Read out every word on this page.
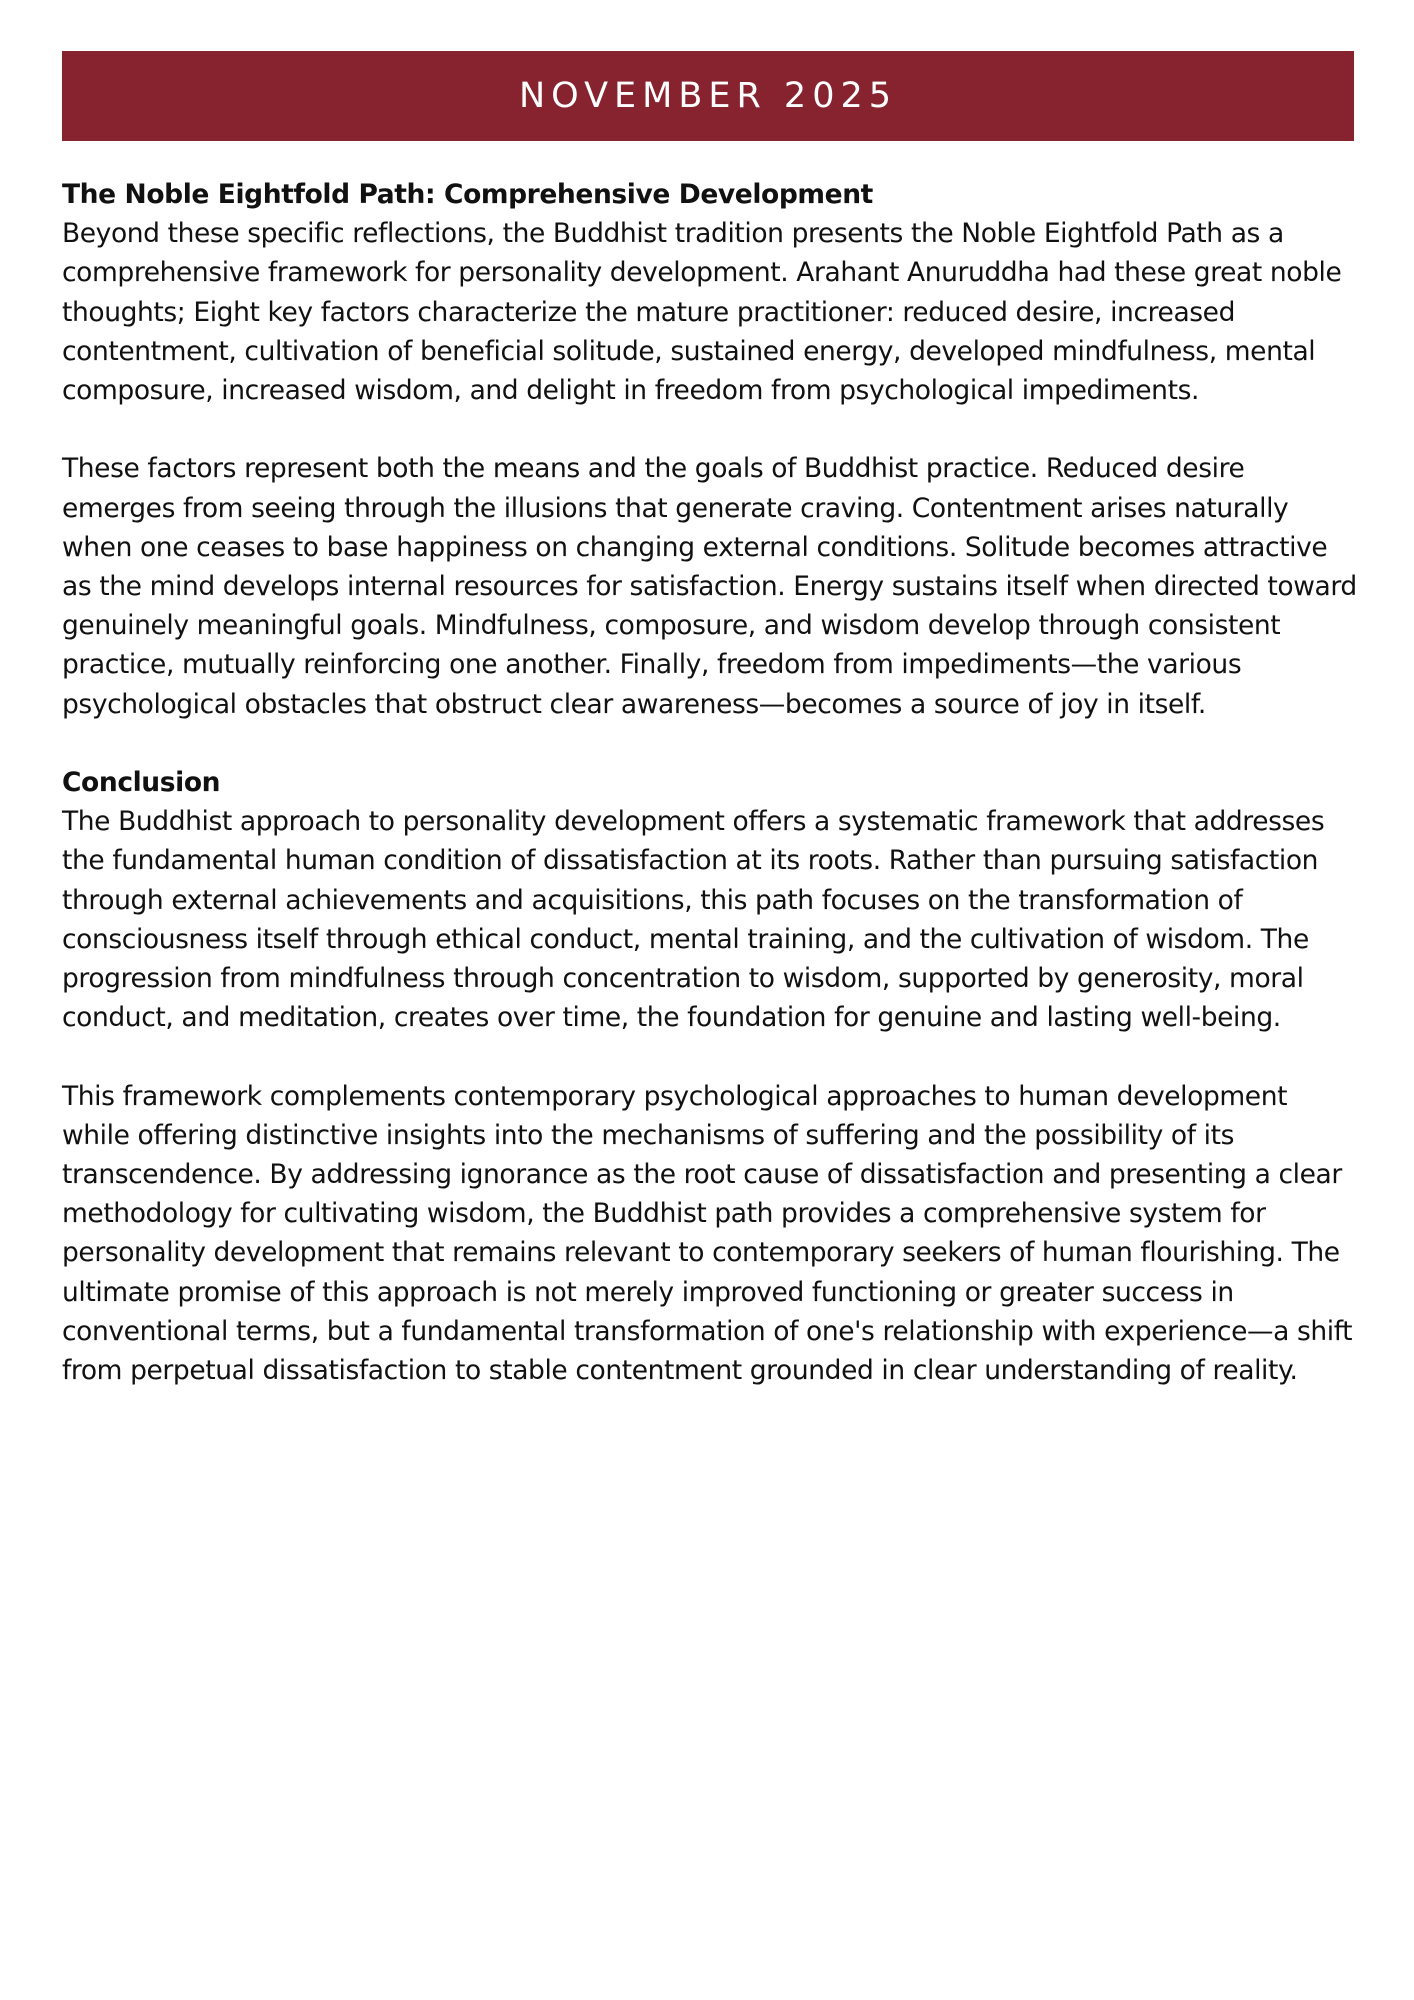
NOVEMBER 2025

The Noble Eightfold Path: Comprehensive Development

Beyond these specific reflections, the Buddhist tradition presents the Noble Eightfold Path as a comprehensive framework for personality development. Arahant Anuruddha had these great noble thoughts; Eight key factors characterize the mature practitioner: reduced desire, increased contentment, cultivation of beneficial solitude, sustained energy, developed mindfulness, mental composure, increased wisdom, and delight in freedom from psychological impediments.

These factors represent both the means and the goals of Buddhist practice. Reduced desire emerges from seeing through the illusions that generate craving. Contentment arises naturally when one ceases to base happiness on changing external conditions. Solitude becomes attractive as the mind develops internal resources for satisfaction. Energy sustains itself when directed toward genuinely meaningful goals. Mindfulness, composure, and wisdom develop through consistent practice, mutually reinforcing one another. Finally, freedom from impediments—the various psychological obstacles that obstruct clear awareness—becomes a source of joy in itself.

Conclusion

The Buddhist approach to personality development offers a systematic framework that addresses the fundamental human condition of dissatisfaction at its roots. Rather than pursuing satisfaction through external achievements and acquisitions, this path focuses on the transformation of consciousness itself through ethical conduct, mental training, and the cultivation of wisdom. The progression from mindfulness through concentration to wisdom, supported by generosity, moral conduct, and meditation, creates over time, the foundation for genuine and lasting well-being.

This framework complements contemporary psychological approaches to human development while offering distinctive insights into the mechanisms of suffering and the possibility of its transcendence. By addressing ignorance as the root cause of dissatisfaction and presenting a clear methodology for cultivating wisdom, the Buddhist path provides a comprehensive system for personality development that remains relevant to contemporary seekers of human flourishing. The ultimate promise of this approach is not merely improved functioning or greater success in conventional terms, but a fundamental transformation of one's relationship with experience—a shift from perpetual dissatisfaction to stable contentment grounded in clear understanding of reality.
